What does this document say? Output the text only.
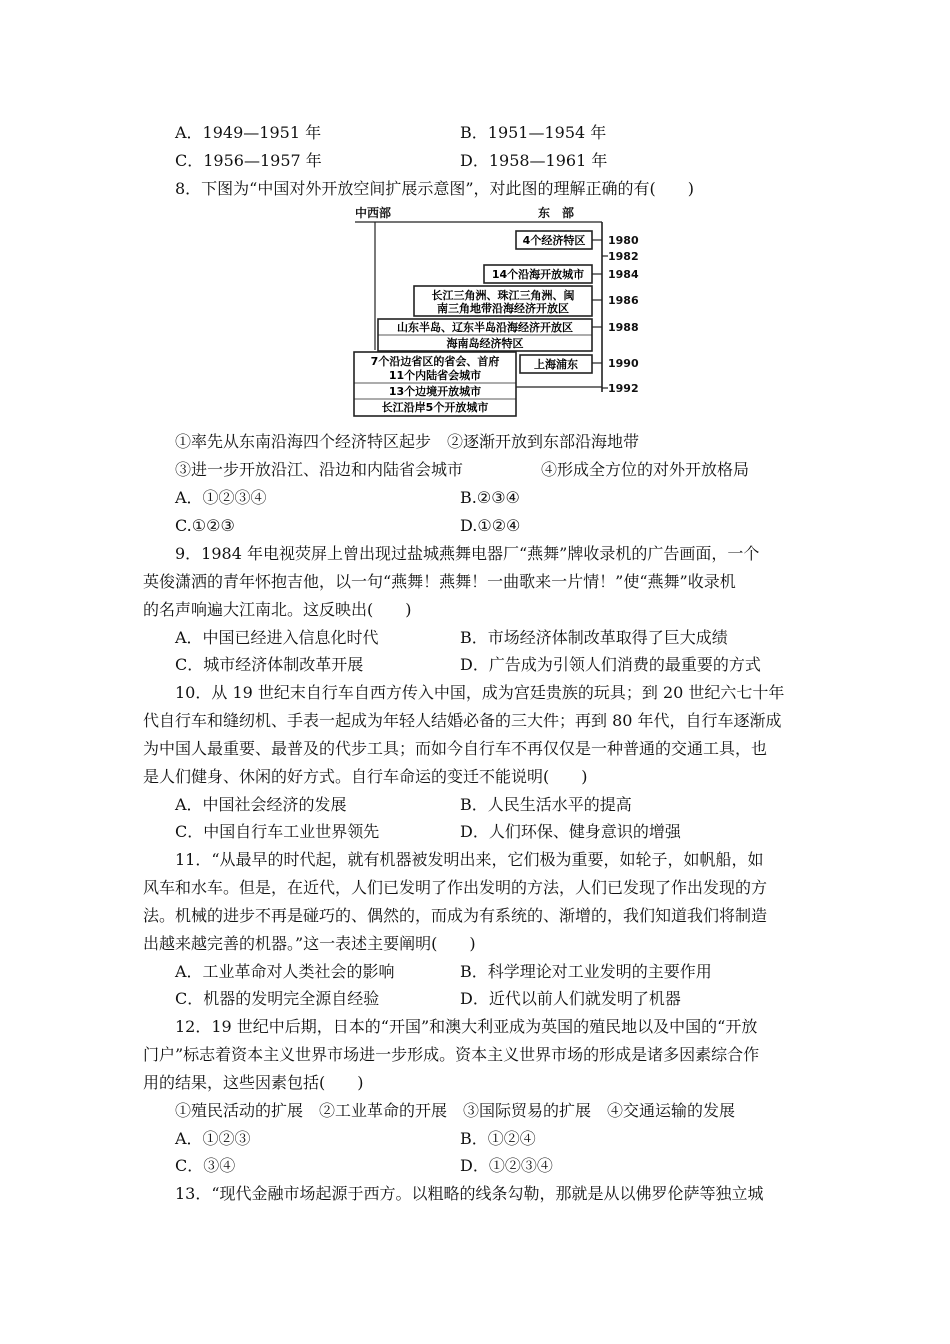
A．1949—1951 年	B．1951—1954 年
C．1956—1957 年	D．1958—1961 年
8．下图为“中国对外开放空间扩展示意图”，对此图的理解正确的有(　　)
中西部	东　部
1980
1982
1984
1986
1988
1990
1992
4个经济特区
14个沿海开放城市
长江三角洲、珠江三角洲、闽
南三角地带沿海经济开放区
山东半岛、辽东半岛沿海经济开放区
海南岛经济特区
上海浦东
7个沿边省区的省会、首府
11个内陆省会城市
13个边境开放城市
长江沿岸5个开放城市
①率先从东南沿海四个经济特区起步　②逐渐开放到东部沿海地带
③进一步开放沿江、沿边和内陆省会城市	④形成全方位的对外开放格局
A．①②③④	B.②③④
C.①②③	D.①②④
9．1984 年电视荧屏上曾出现过盐城燕舞电器厂“燕舞”牌收录机的广告画面，一个
英俊潇洒的青年怀抱吉他，以一句“燕舞！燕舞！一曲歌来一片情！”使“燕舞”收录机
的名声响遍大江南北。这反映出(　　)
A．中国已经进入信息化时代	B．市场经济体制改革取得了巨大成绩
C．城市经济体制改革开展	D．广告成为引领人们消费的最重要的方式
10．从 19 世纪末自行车自西方传入中国，成为宫廷贵族的玩具；到 20 世纪六七十年
代自行车和缝纫机、手表一起成为年轻人结婚必备的三大件；再到 80 年代，自行车逐渐成
为中国人最重要、最普及的代步工具；而如今自行车不再仅仅是一种普通的交通工具，也
是人们健身、休闲的好方式。自行车命运的变迁不能说明(　　)
A．中国社会经济的发展	B．人民生活水平的提高
C．中国自行车工业世界领先	D．人们环保、健身意识的增强
11．“从最早的时代起，就有机器被发明出来，它们极为重要，如轮子，如帆船，如
风车和水车。但是，在近代，人们已发明了作出发明的方法，人们已发现了作出发现的方
法。机械的进步不再是碰巧的、偶然的，而成为有系统的、渐增的，我们知道我们将制造
出越来越完善的机器。”这一表述主要阐明(　　)
A．工业革命对人类社会的影响	B．科学理论对工业发明的主要作用
C．机器的发明完全源自经验	D．近代以前人们就发明了机器
12．19 世纪中后期，日本的“开国”和澳大利亚成为英国的殖民地以及中国的“开放
门户”标志着资本主义世界市场进一步形成。资本主义世界市场的形成是诸多因素综合作
用的结果，这些因素包括(　　)
①殖民活动的扩展　②工业革命的开展　③国际贸易的扩展　④交通运输的发展
A．①②③	B．①②④
C．③④	D．①②③④
13．“现代金融市场起源于西方。以粗略的线条勾勒，那就是从以佛罗伦萨等独立城
